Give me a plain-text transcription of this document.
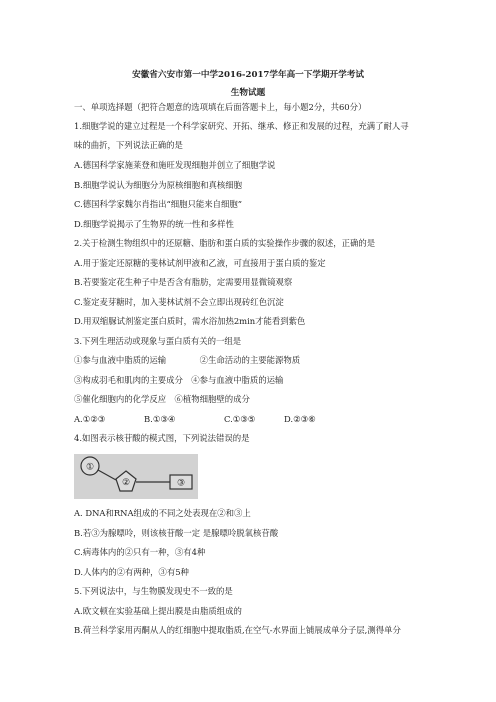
安徽省六安市第一中学2016-2017学年高一下学期开学考试
生物试题
一、单项选择题（把符合题意的选项填在后面答题卡上，每小题2分，共60分）
1.细胞学说的建立过程是一个科学家研究、开拓、继承、修正和发展的过程，充满了耐人寻
味的曲折，下列说法正确的是
A.德国科学家施莱登和施旺发现细胞并创立了细胞学说
B.细胞学说认为细胞分为原核细胞和真核细胞
C.德国科学家魏尔肖指出“细胞只能来自细胞”
D.细胞学说揭示了生物界的统一性和多样性
2.关于检测生物组织中的还原糖、脂肪和蛋白质的实验操作步骤的叙述，正确的是
A.用于鉴定还原糖的斐林试剂甲液和乙液，可直接用于蛋白质的鉴定
B.若要鉴定花生种子中是否含有脂肪，定需要用显微镜观察
C.鉴定麦芽糖时，加入斐林试剂不会立即出现砖红色沉淀
D.用双缩脲试剂鉴定蛋白质时，需水浴加热2min才能看到紫色
3.下列生理活动或现象与蛋白质有关的一组是
①参与血液中脂质的运输　　　　②生命活动的主要能源物质
③构成羽毛和肌肉的主要成分　④参与血液中脂质的运输
⑤催化细胞内的化学反应　⑥植物细胞壁的成分
A.①②③	B.①③④	C.①③⑤	D.②③⑥
4.如图表示核苷酸的模式图，下列说法错误的是
①
②	③
A. DNA和RNA组成的不同之处表现在②和③上
B.若③为腺嘌呤，则该核苷酸一定 是腺嘌呤脱氧核苷酸
C.病毒体内的②只有一种，③有4种
D.人体内的②有两种，③有5种
5.下列说法中，与生物膜发现史不一致的是
A.欧文顿在实验基础上提出膜是由脂质组成的
B.荷兰科学家用丙酮从人的红细胞中提取脂质,在空气-水界面上铺展成单分子层,测得单分
